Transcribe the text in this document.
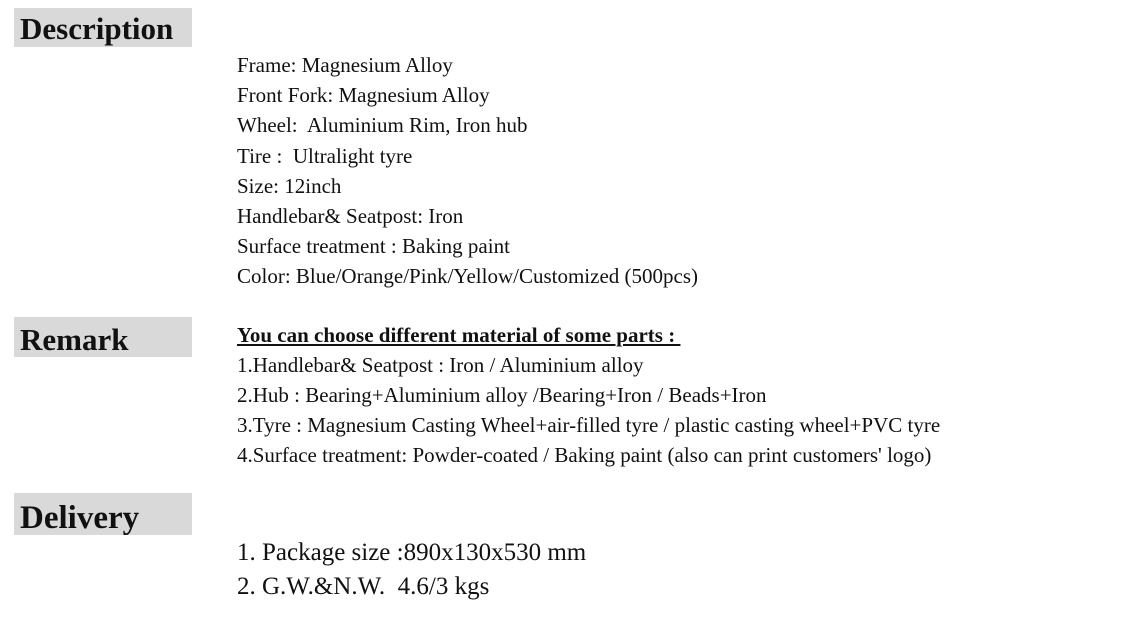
Description
Frame: Magnesium Alloy
Front Fork: Magnesium Alloy
Wheel:  Aluminium Rim, Iron hub
Tire :  Ultralight tyre
Size: 12inch
Handlebar& Seatpost: Iron
Surface treatment : Baking paint
Color: Blue/Orange/Pink/Yellow/Customized (500pcs)
Remark	You can choose different material of some parts :
1.Handlebar& Seatpost : Iron / Aluminium alloy
2.Hub : Bearing+Aluminium alloy /Bearing+Iron / Beads+Iron
3.Tyre : Magnesium Casting Wheel+air-filled tyre / plastic casting wheel+PVC tyre
4.Surface treatment: Powder-coated / Baking paint (also can print customers' logo)
Delivery
1. Package size :890x130x530 mm
2. G.W.&N.W.  4.6/3 kgs
